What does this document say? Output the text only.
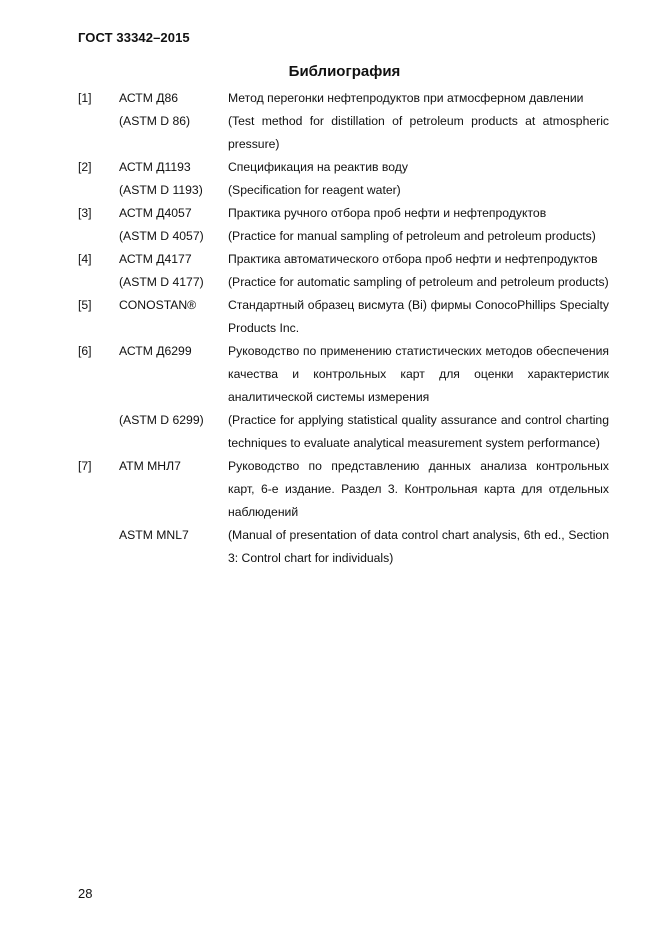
ГОСТ 33342–2015
Библиография
[1] АСТМ Д86	Метод перегонки нефтепродуктов при атмосферном давлении
(ASTM D 86)	(Test method for distillation of petroleum products at atmospheric pressure)
[2] АСТМ Д1193	Спецификация на реактив воду
(ASTM D 1193) (Specification for reagent water)
[3] АСТМ Д4057	Практика ручного отбора проб нефти и нефтепродуктов
(ASTM D 4057) (Practice for manual sampling of petroleum and petroleum products)
[4] АСТМ Д4177	Практика автоматического отбора проб нефти и нефтепродуктов
(ASTM D 4177) (Practice for automatic sampling of petroleum and petroleum products)
[5] CONOSTAN®	Стандартный образец висмута (Bi) фирмы ConocoPhillips Specialty Products Inc.
[6] АСТМ Д6299	Руководство по применению статистических методов обеспечения качества и контрольных карт для оценки характеристик аналитической системы измерения
(ASTM D 6299) (Practice for applying statistical quality assurance and control charting techniques to evaluate analytical measurement system performance)
[7] АТМ МНЛ7	Руководство по представлению данных анализа контрольных карт, 6-е издание. Раздел 3. Контрольная карта для отдельных наблюдений
ASTM MNL7	(Manual of presentation of data control chart analysis, 6th ed., Section 3: Control chart for individuals)
28
